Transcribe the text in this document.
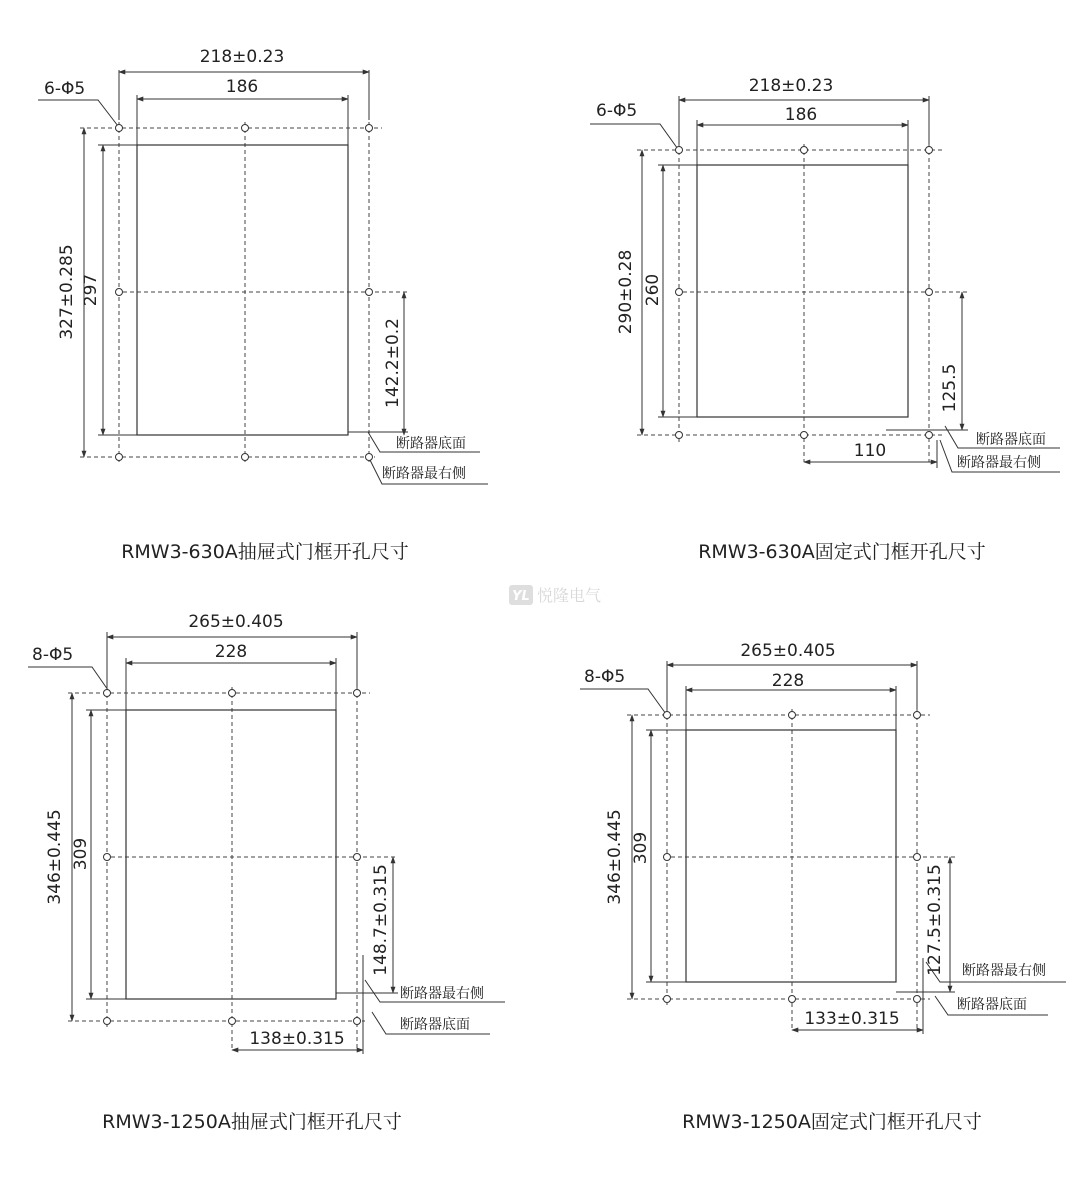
218±0.23
186
6-Φ5
327±0.285 297
142.2±0.2
断路器底面
断路器最右侧
RMW3-630A抽屉式门框开孔尺寸
218±0.23
186
6-Φ5
290±0.28 260
125.5
110
断路器底面
断路器最右侧
RMW3-630A固定式门框开孔尺寸
YL 悦隆电气
265±0.405
228
8-Φ5
346±0.445 309
148.7±0.315
138±0.315
断路器最右侧
断路器底面
RMW3-1250A抽屉式门框开孔尺寸
265±0.405
228
8-Φ5
346±0.445 309
127.5±0.315
133±0.315
断路器最右侧
断路器底面
RMW3-1250A固定式门框开孔尺寸
